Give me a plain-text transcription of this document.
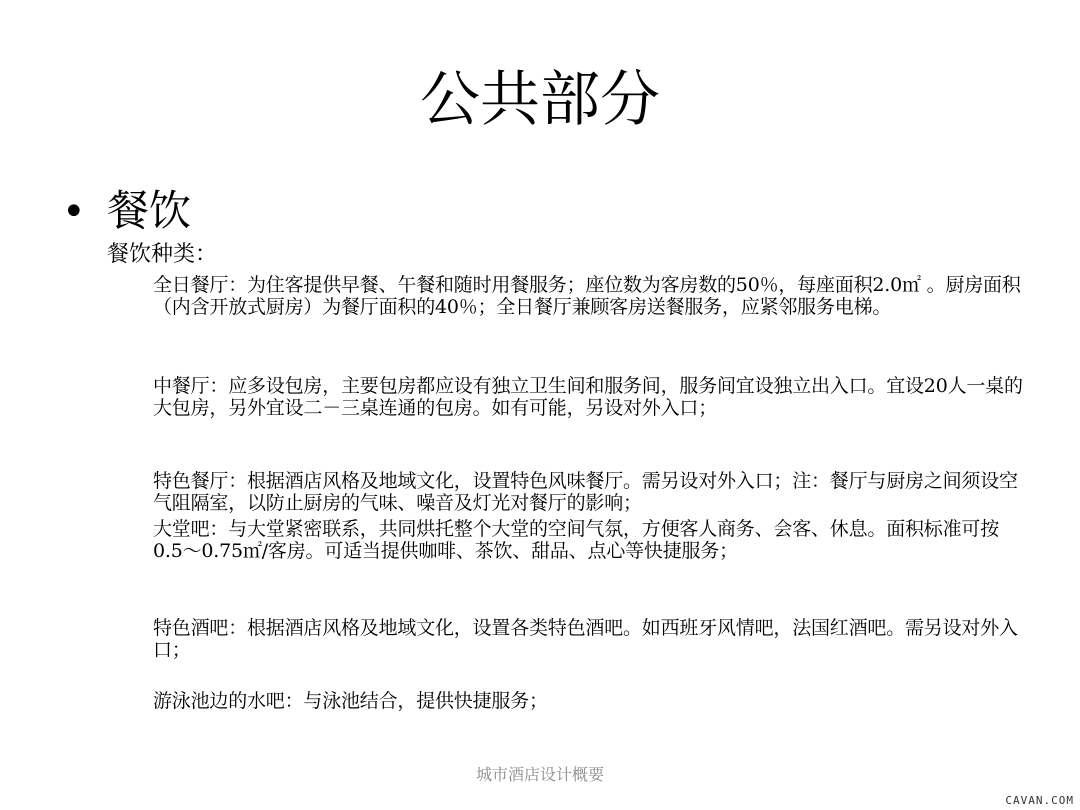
公共部分
• 餐饮
餐饮种类：
全日餐厅：为住客提供早餐、午餐和随时用餐服务；座位数为客房数的50％，每座面积2.0㎡ 。厨房面积（内含开放式厨房）为餐厅面积的40％；全日餐厅兼顾客房送餐服务，应紧邻服务电梯。
中餐厅：应多设包房，主要包房都应设有独立卫生间和服务间，服务间宜设独立出入口。宜设20人一桌的大包房，另外宜设二－三桌连通的包房。如有可能，另设对外入口；
特色餐厅：根据酒店风格及地域文化，设置特色风味餐厅。需另设对外入口；注：餐厅与厨房之间须设空气阻隔室，以防止厨房的气味、噪音及灯光对餐厅的影响；
大堂吧：与大堂紧密联系，共同烘托整个大堂的空间气氛，方便客人商务、会客、休息。面积标准可按0.5～0.75㎡/客房。可适当提供咖啡、茶饮、甜品、点心等快捷服务；
特色酒吧：根据酒店风格及地域文化，设置各类特色酒吧。如西班牙风情吧，法国红酒吧。需另设对外入口；
游泳池边的水吧：与泳池结合，提供快捷服务；
城市酒店设计概要
CAVAN.COM
